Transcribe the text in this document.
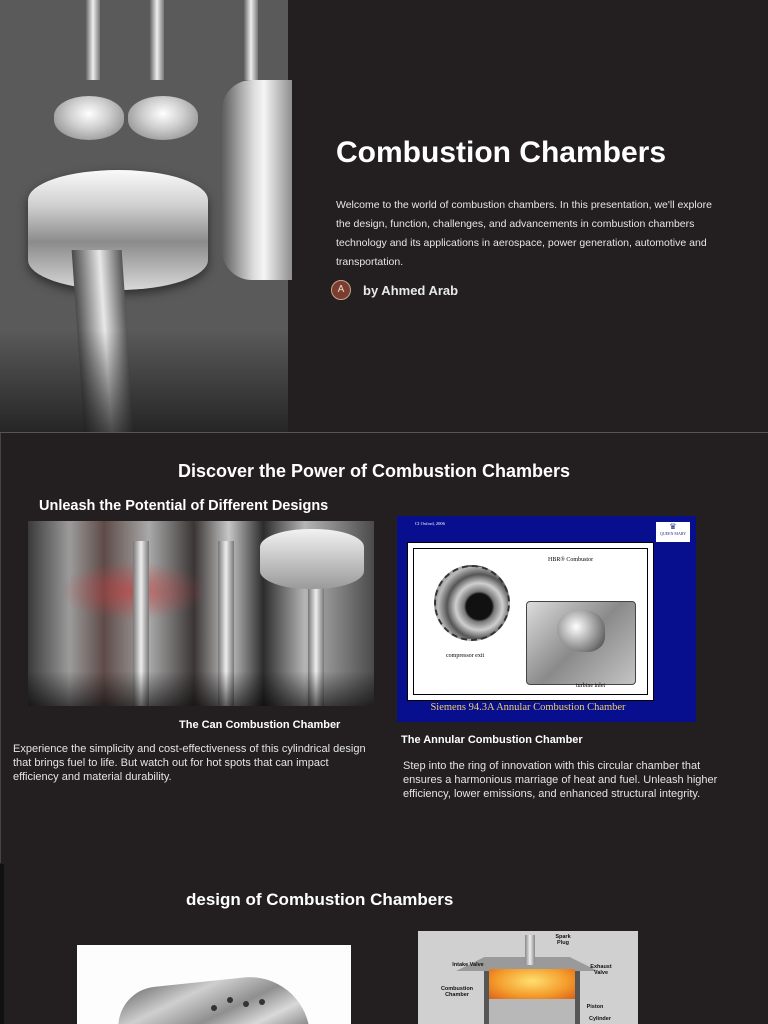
Combustion Chambers

Welcome to the world of combustion chambers. In this presentation, we'll explore the design, function, challenges, and advancements in combustion chambers technology and its applications in aerospace, power generation, automotive and transportation.

A	by Ahmed Arab
Discover the Power of Combustion Chambers
Unleash the Potential of Different Designs

The Can Combustion Chamber

Experience the simplicity and cost-effectiveness of this cylindrical design that brings fuel to life. But watch out for hot spots that can impact efficiency and material durability.

CI Oxford, 2006	♛
QUEEN MARY
HBR® Combustor
compressor exit
turbine inlet
Siemens 94.3A Annular Combustion Chamber

The Annular Combustion Chamber

Step into the ring of innovation with this circular chamber that ensures a harmonious marriage of heat and fuel. Unleash higher efficiency, lower emissions, and enhanced structural integrity.

design of Combustion Chambers
Spark Plug
Intake Valve	Exhaust Valve
Combustion Chamber
Piston
Cylinder
